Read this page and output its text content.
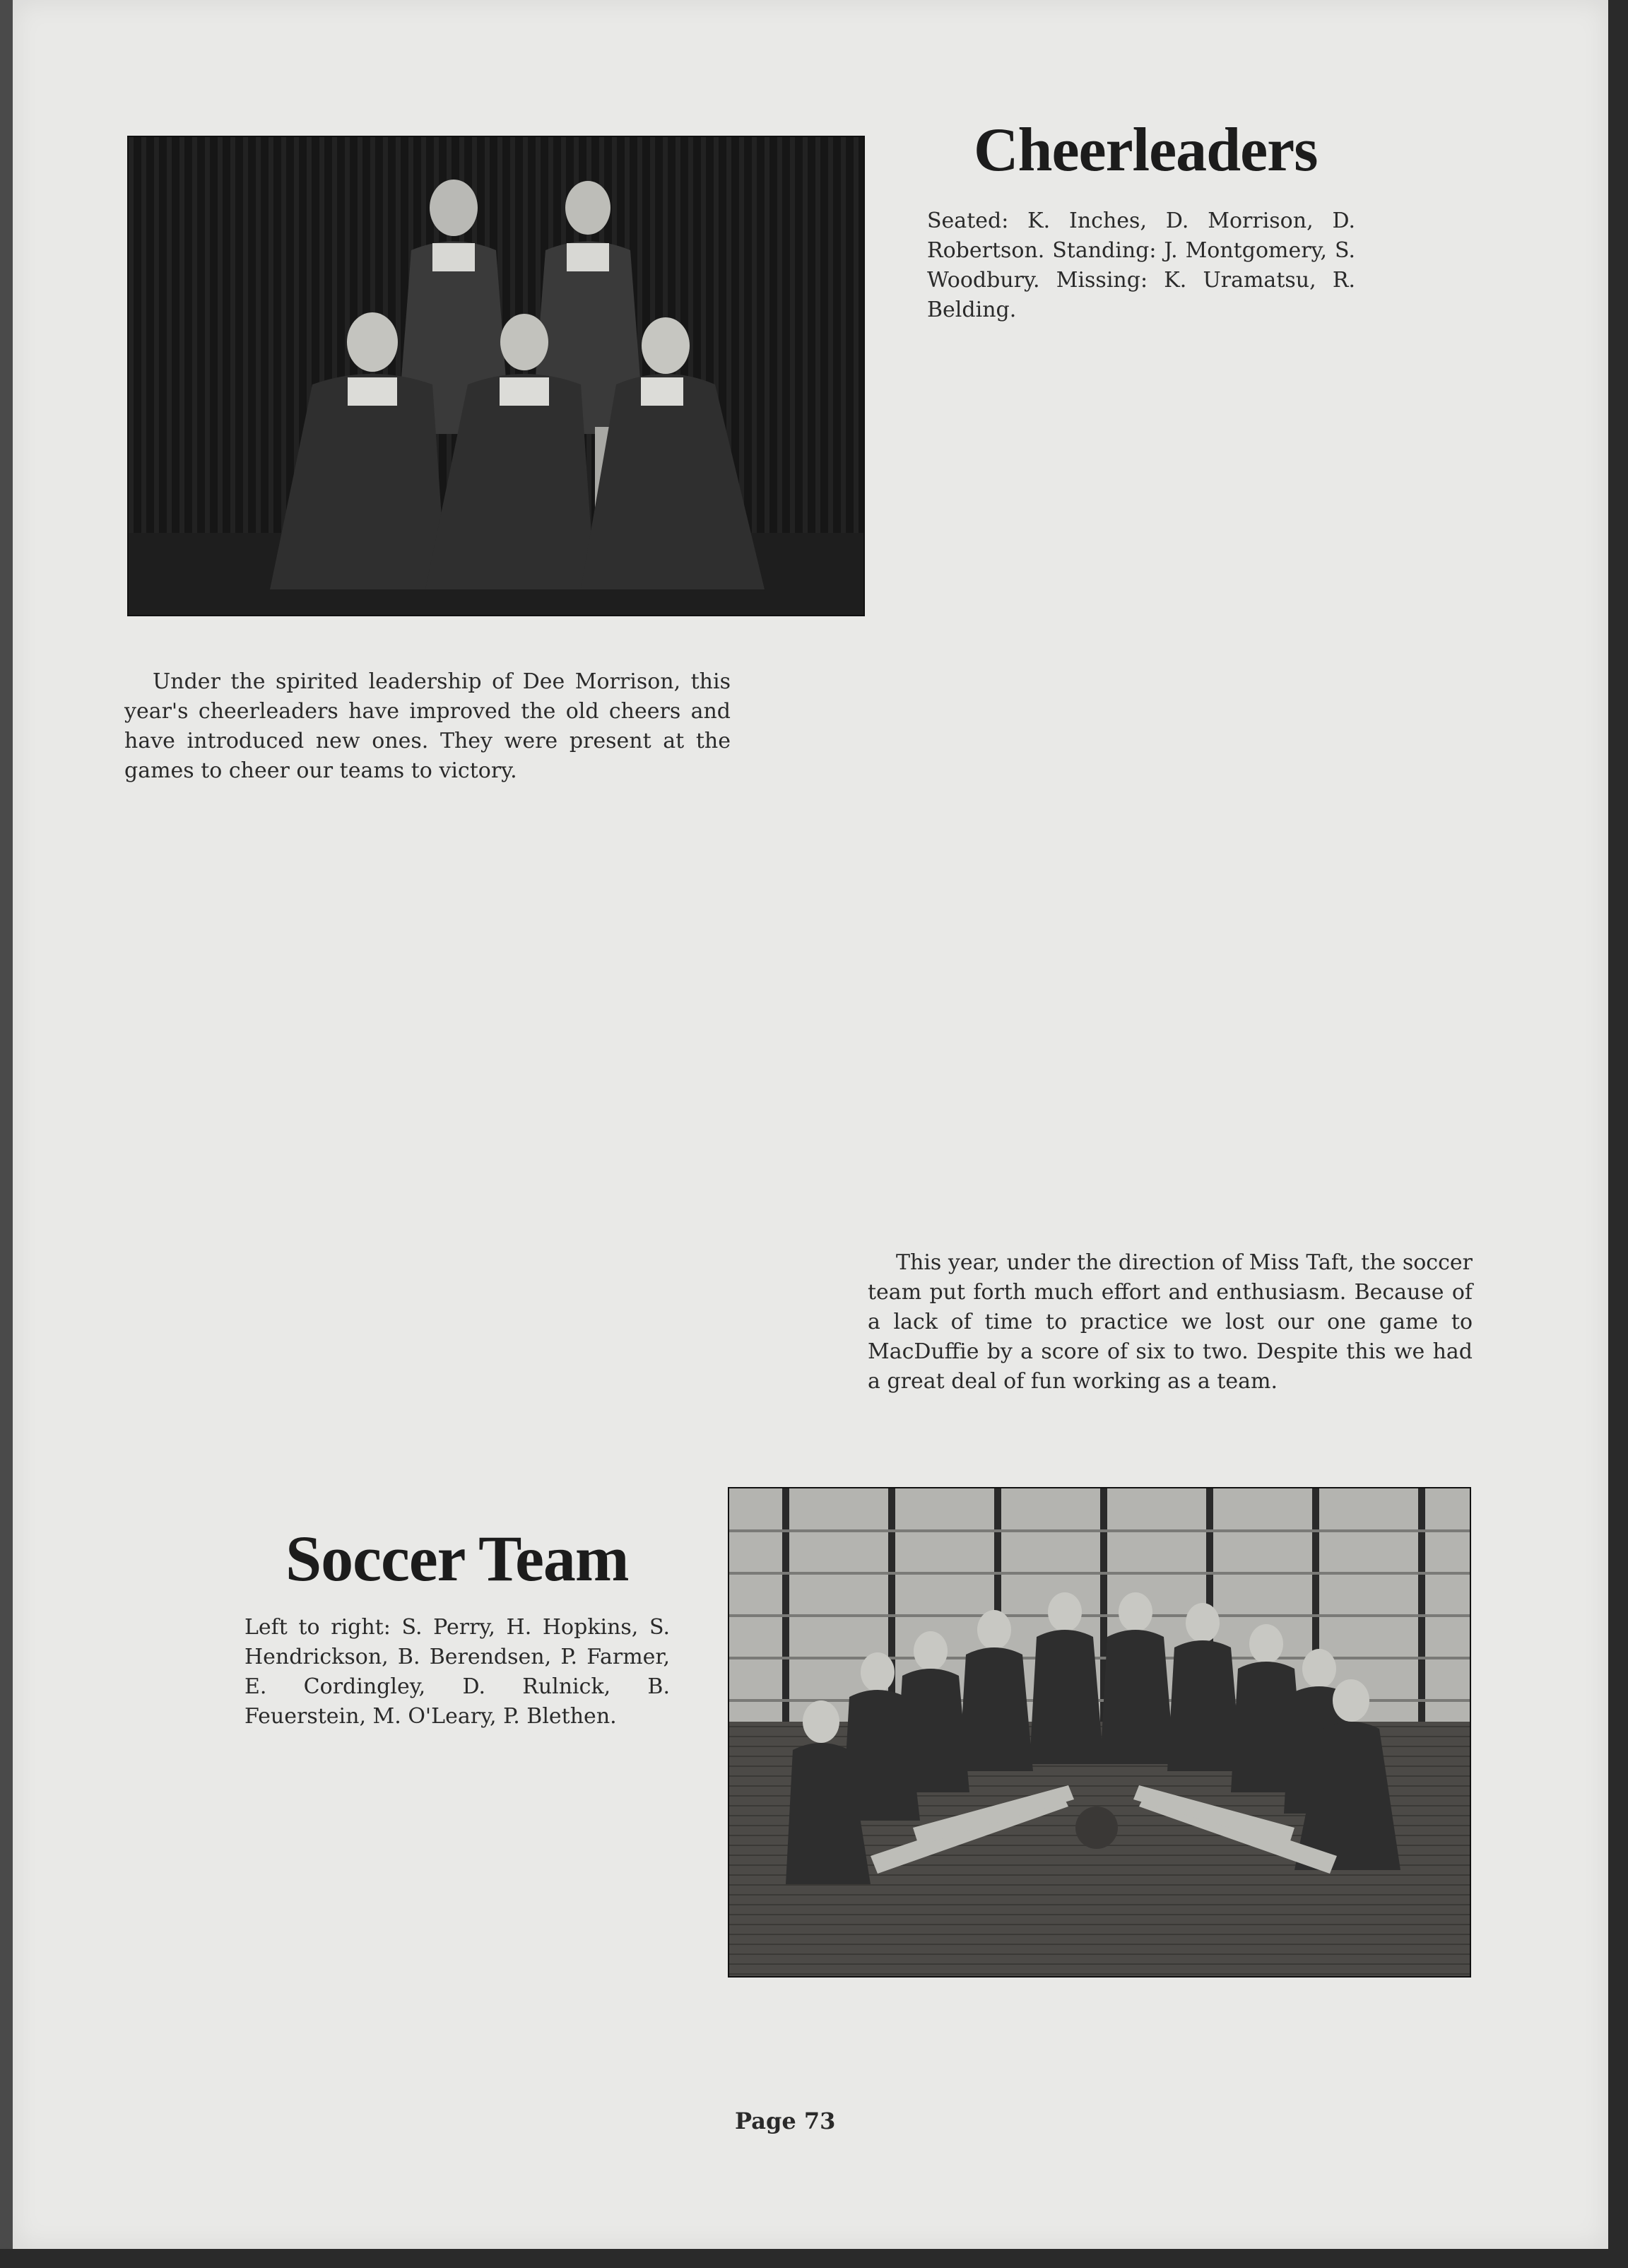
Cheerleaders

Seated: K. Inches, D. Morrison, D. Robertson. Standing: J. Montgomery, S. Woodbury. Missing: K. Uramatsu, R. Belding.

Under the spirited leadership of Dee Morrison, this year's cheerleaders have improved the old cheers and have introduced new ones. They were present at the games to cheer our teams to victory.

This year, under the direction of Miss Taft, the soccer team put forth much effort and enthusiasm. Because of a lack of time to practice we lost our one game to MacDuffie by a score of six to two. Despite this we had a great deal of fun working as a team.

Soccer Team

Left to right: S. Perry, H. Hopkins, S. Hendrickson, B. Berendsen, P. Farmer, E. Cordingley, D. Rulnick, B. Feuerstein, M. O'Leary, P. Blethen.

Page 73
